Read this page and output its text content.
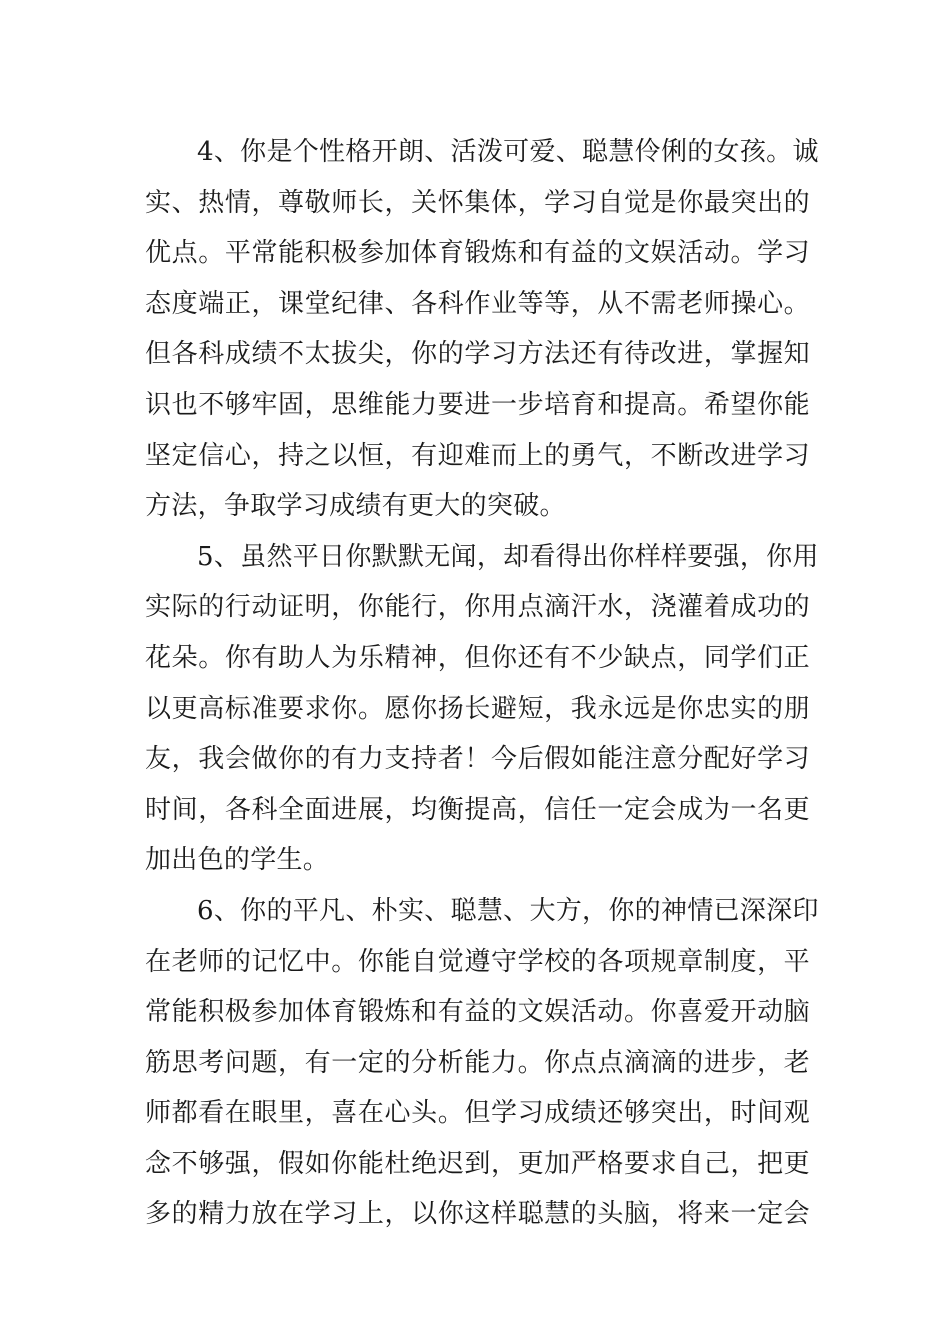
4、你是个性格开朗、活泼可爱、聪慧伶俐的女孩。诚
实、热情，尊敬师长，关怀集体，学习自觉是你最突出的
优点。平常能积极参加体育锻炼和有益的文娱活动。学习
态度端正，课堂纪律、各科作业等等，从不需老师操心。
但各科成绩不太拔尖，你的学习方法还有待改进，掌握知
识也不够牢固，思维能力要进一步培育和提高。希望你能
坚定信心，持之以恒，有迎难而上的勇气，不断改进学习
方法，争取学习成绩有更大的突破。
5、虽然平日你默默无闻，却看得出你样样要强，你用
实际的行动证明，你能行，你用点滴汗水，浇灌着成功的
花朵。你有助人为乐精神，但你还有不少缺点，同学们正
以更高标准要求你。愿你扬长避短，我永远是你忠实的朋
友，我会做你的有力支持者！今后假如能注意分配好学习
时间，各科全面进展，均衡提高，信任一定会成为一名更
加出色的学生。
6、你的平凡、朴实、聪慧、大方，你的神情已深深印
在老师的记忆中。你能自觉遵守学校的各项规章制度，平
常能积极参加体育锻炼和有益的文娱活动。你喜爱开动脑
筋思考问题，有一定的分析能力。你点点滴滴的进步，老
师都看在眼里，喜在心头。但学习成绩还够突出，时间观
念不够强，假如你能杜绝迟到，更加严格要求自己，把更
多的精力放在学习上，以你这样聪慧的头脑，将来一定会
